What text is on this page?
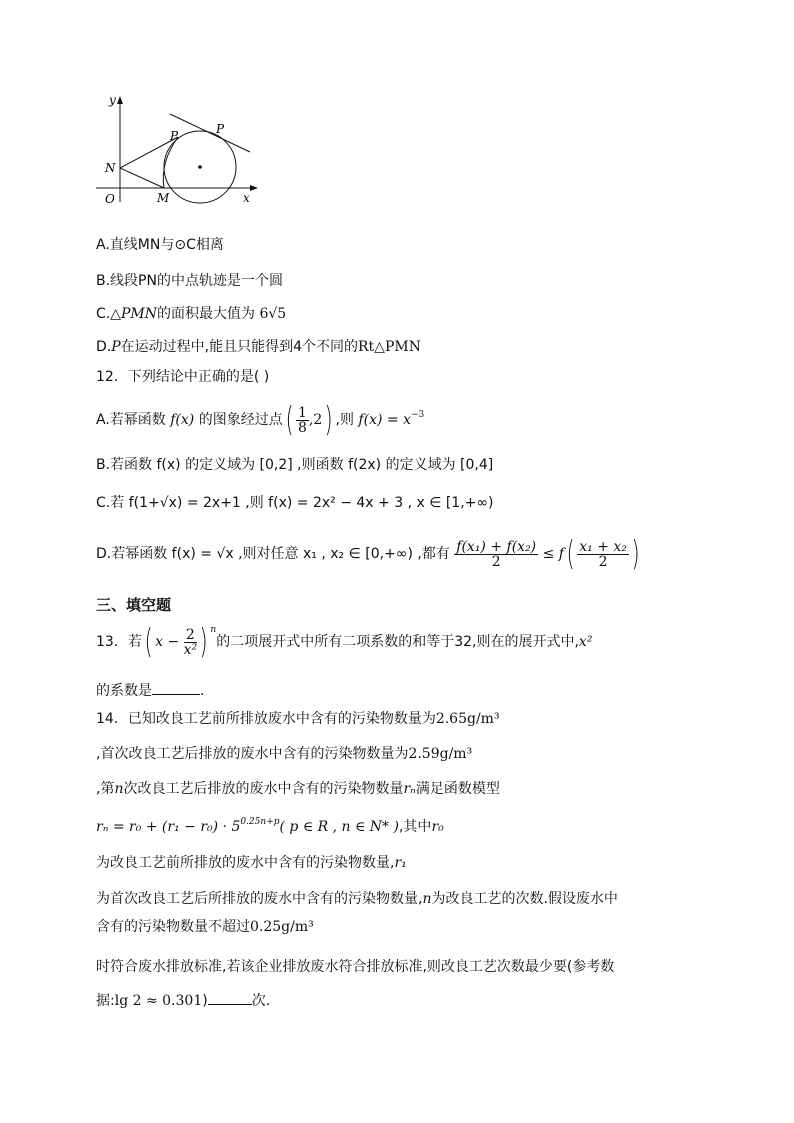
y
x
O
N
M
P	P
A.直线MN与⊙C相离
B.线段PN的中点轨迹是一个圆
C.△PMN的面积最大值为 6√5
D.P在运动过程中,能且只能得到4个不同的Rt△PMN
12．下列结论中正确的是( )
A.若幂函数 f(x) 的图象经过点( $\frac{1}{8} ,2$) ,则 $f(x) = x^{-3}$
B.若函数 f(x) 的定义域为 [0,2] ,则函数 f(2x) 的定义域为 [0,4]
C.若 f(1+√x) = 2x+1 ,则 f(x) = 2x² − 4x + 3 , x ∈ [1,+∞)
D.若幂函数 f(x) = √x ,则对任意 x₁ , x₂ ∈ [0,+∞) ,都有 $\frac{\text{f(x₁) + f(x₂)}}{2} \le f( \frac{\text{x₁ + x₂}}{2}$ )
三、填空题
13．若( $x - \frac{2}{\text{x²}}$ ) $^n$的二项展开式中所有二项系数的和等于32,则在的展开式中,x²
的系数是	.
14．已知改良工艺前所排放废水中含有的污染物数量为2.65g/m³
,首次改良工艺后排放的废水中含有的污染物数量为2.59g/m³
,第n次改良工艺后排放的废水中含有的污染物数量rₙ满足函数模型
$r_n = r_0 + (r_1 - r_0) \cdot 5^{0.25n+p}$( p ∈ R , n ∈ N* ),其中r₀
为改良工艺前所排放的废水中含有的污染物数量,r₁
为首次改良工艺后所排放的废水中含有的污染物数量,n为改良工艺的次数.假设废水中
含有的污染物数量不超过0.25g/m³
时符合废水排放标准,若该企业排放废水符合排放标准,则改良工艺次数最少要(参考数
据:lg 2 ≈ 0.301)	次.
